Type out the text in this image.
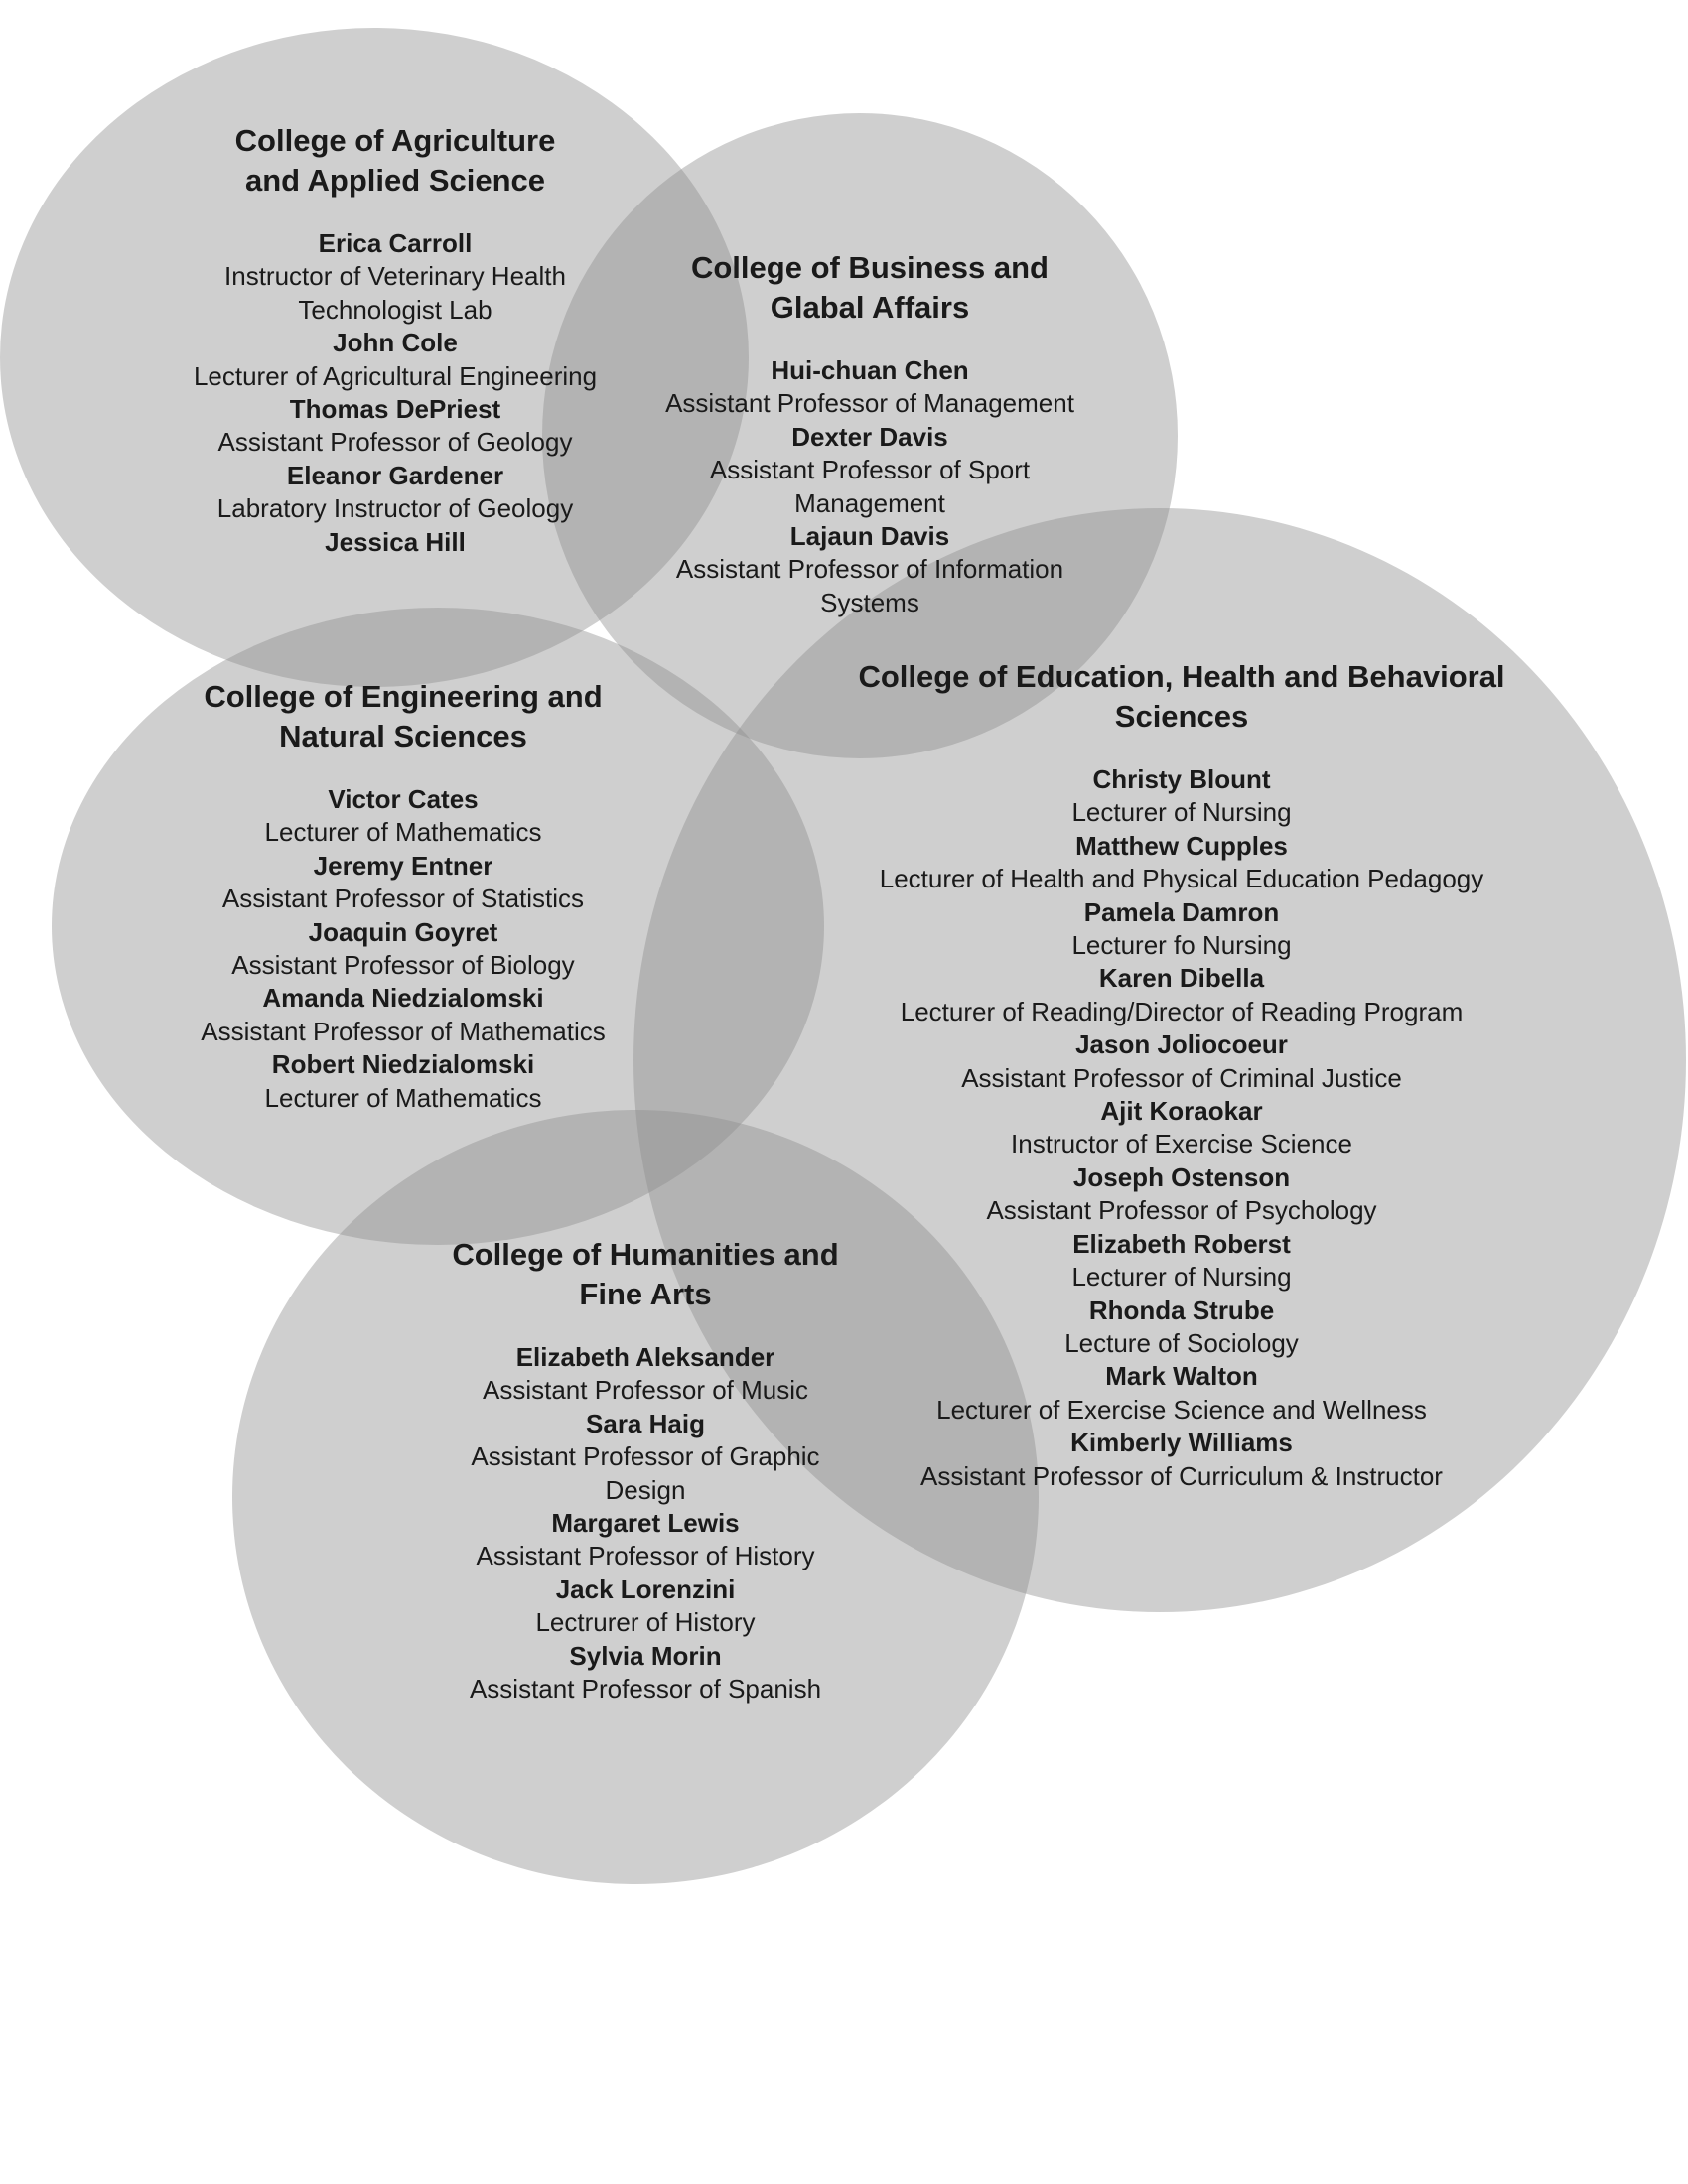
College of Agriculture
and Applied Science
Erica Carroll
Instructor of Veterinary Health
Technologist Lab
John Cole
Lecturer of Agricultural Engineering
Thomas DePriest
Assistant Professor of Geology
Eleanor Gardener
Labratory Instructor of Geology
Jessica Hill
College of Business and
Glabal Affairs
Hui-chuan Chen
Assistant Professor of Management
Dexter Davis
Assistant Professor of Sport
Management
Lajaun Davis
Assistant Professor of Information
Systems
College of Engineering and
Natural Sciences
Victor Cates
Lecturer of Mathematics
Jeremy Entner
Assistant Professor of Statistics
Joaquin Goyret
Assistant Professor of Biology
Amanda Niedzialomski
Assistant Professor of Mathematics
Robert Niedzialomski
Lecturer of Mathematics
College of Education, Health and Behavioral
Sciences
Christy Blount
Lecturer of Nursing
Matthew Cupples
Lecturer of Health and Physical Education Pedagogy
Pamela Damron
Lecturer fo Nursing
Karen Dibella
Lecturer of Reading/Director of Reading Program
Jason Joliocoeur
Assistant Professor of Criminal Justice
Ajit Koraokar
Instructor of Exercise Science
Joseph Ostenson
Assistant Professor of Psychology
Elizabeth Roberst
Lecturer of Nursing
Rhonda Strube
Lecture of Sociology
Mark Walton
Lecturer of Exercise Science and Wellness
Kimberly Williams
Assistant Professor of Curriculum & Instructor
College of Humanities and
Fine Arts
Elizabeth Aleksander
Assistant Professor of Music
Sara Haig
Assistant Professor of Graphic
Design
Margaret Lewis
Assistant Professor of History
Jack Lorenzini
Lectrurer of History
Sylvia Morin
Assistant Professor of Spanish
